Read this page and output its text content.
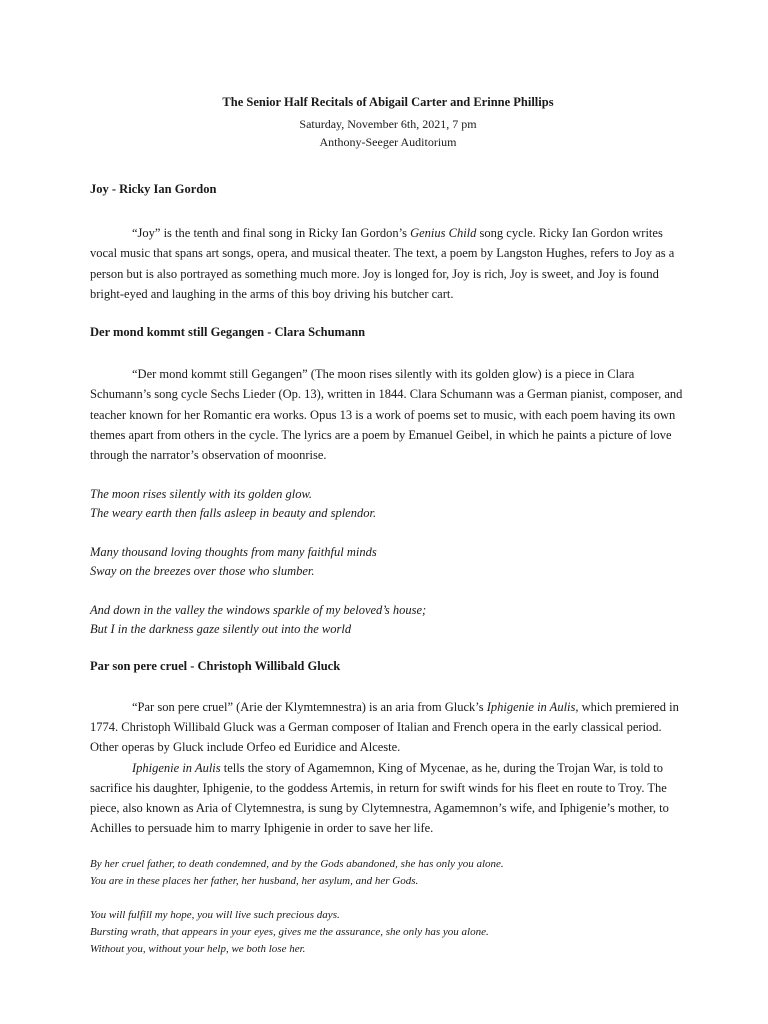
The Senior Half Recitals of Abigail Carter and Erinne Phillips
Saturday, November 6th, 2021, 7 pm
Anthony-Seeger Auditorium
Joy - Ricky Ian Gordon

“Joy” is the tenth and final song in Ricky Ian Gordon’s Genius Child song cycle. Ricky Ian Gordon writes vocal music that spans art songs, opera, and musical theater. The text, a poem by Langston Hughes, refers to Joy as a person but is also portrayed as something much more. Joy is longed for, Joy is rich, Joy is sweet, and Joy is found bright-eyed and laughing in the arms of this boy driving his butcher cart.

Der mond kommt still Gegangen - Clara Schumann

“Der mond kommt still Gegangen” (The moon rises silently with its golden glow) is a piece in Clara Schumann’s song cycle Sechs Lieder (Op. 13), written in 1844. Clara Schumann was a German pianist, composer, and teacher known for her Romantic era works. Opus 13 is a work of poems set to music, with each poem having its own themes apart from others in the cycle. The lyrics are a poem by Emanuel Geibel, in which he paints a picture of love through the narrator’s observation of moonrise.

The moon rises silently with its golden glow.
The weary earth then falls asleep in beauty and splendor.
Many thousand loving thoughts from many faithful minds
Sway on the breezes over those who slumber.
And down in the valley the windows sparkle of my beloved’s house;
But I in the darkness gaze silently out into the world
Par son pere cruel - Christoph Willibald Gluck

“Par son pere cruel” (Arie der Klymtemnestra) is an aria from Gluck’s Iphigenie in Aulis, which premiered in 1774. Christoph Willibald Gluck was a German composer of Italian and French opera in the early classical period. Other operas by Gluck include Orfeo ed Euridice and Alceste.

Iphigenie in Aulis tells the story of Agamemnon, King of Mycenae, as he, during the Trojan War, is told to sacrifice his daughter, Iphigenie, to the goddess Artemis, in return for swift winds for his fleet en route to Troy. The piece, also known as Aria of Clytemnestra, is sung by Clytemnestra, Agamemnon’s wife, and Iphigenie’s mother, to Achilles to persuade him to marry Iphigenie in order to save her life.

By her cruel father, to death condemned, and by the Gods abandoned, she has only you alone.
You are in these places her father, her husband, her asylum, and her Gods.
You will fulfill my hope, you will live such precious days.
Bursting wrath, that appears in your eyes, gives me the assurance, she only has you alone.
Without you, without your help, we both lose her.
